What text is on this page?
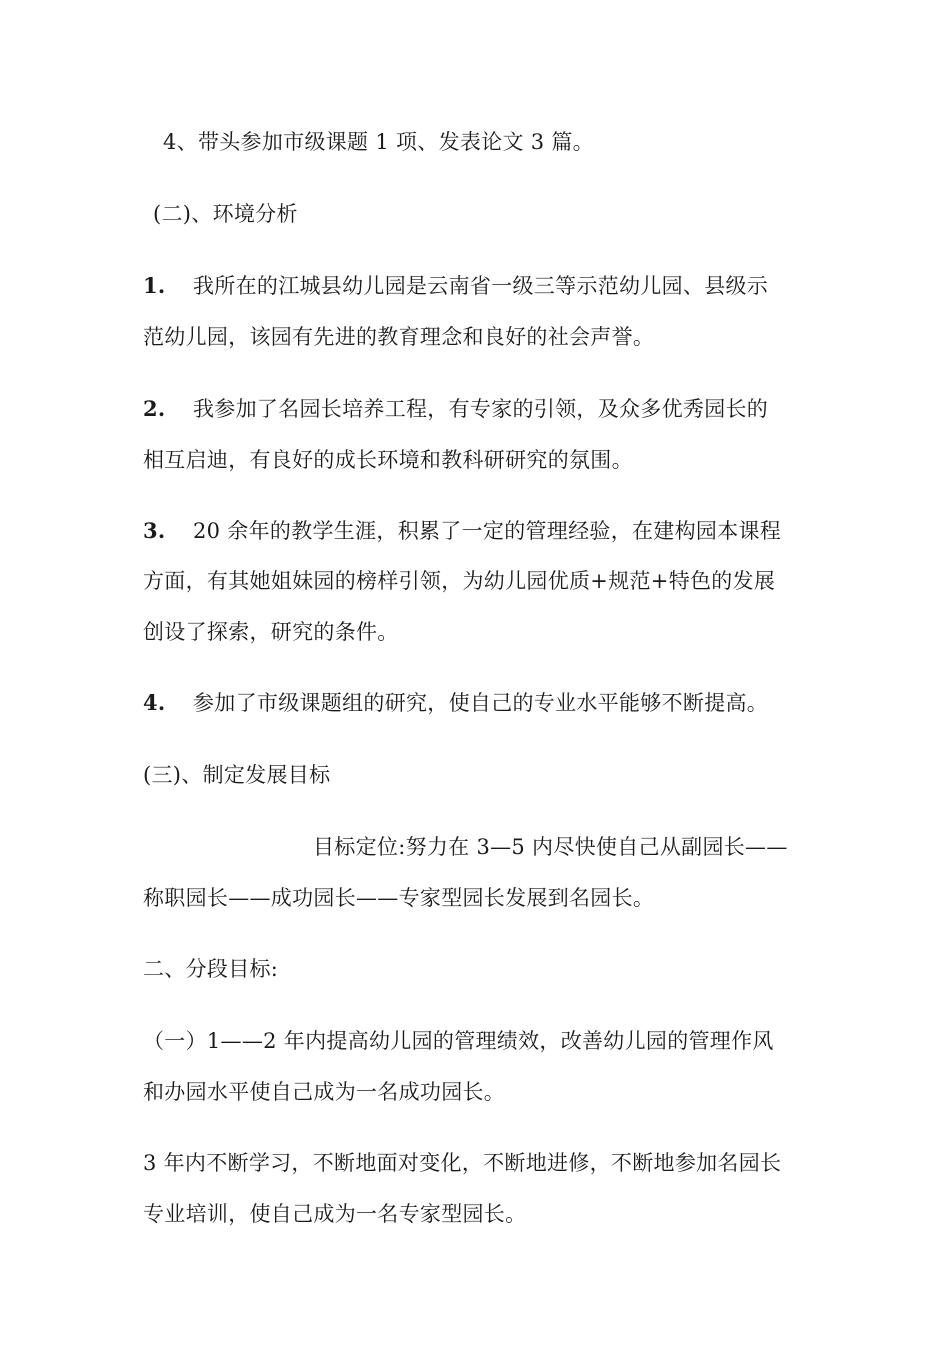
4、带头参加市级课题 1 项、发表论文 3 篇。
(二)、环境分析
1. 我所在的江城县幼儿园是云南省一级三等示范幼儿园、县级示
范幼儿园，该园有先进的教育理念和良好的社会声誉。
2. 我参加了名园长培养工程，有专家的引领，及众多优秀园长的
相互启迪，有良好的成长环境和教科研研究的氛围。
3. 20 余年的教学生涯，积累了一定的管理经验，在建构园本课程
方面，有其她姐妹园的榜样引领，为幼儿园优质+规范+特色的发展
创设了探索，研究的条件。
4. 参加了市级课题组的研究，使自己的专业水平能够不断提高。
(三)、制定发展目标
目标定位:努力在 3—5 内尽快使自己从副园长——
称职园长——成功园长——专家型园长发展到名园长。
二、分段目标:
（一）1——2 年内提高幼儿园的管理绩效，改善幼儿园的管理作风
和办园水平使自己成为一名成功园长。
3 年内不断学习，不断地面对变化，不断地进修，不断地参加名园长
专业培训，使自己成为一名专家型园长。
